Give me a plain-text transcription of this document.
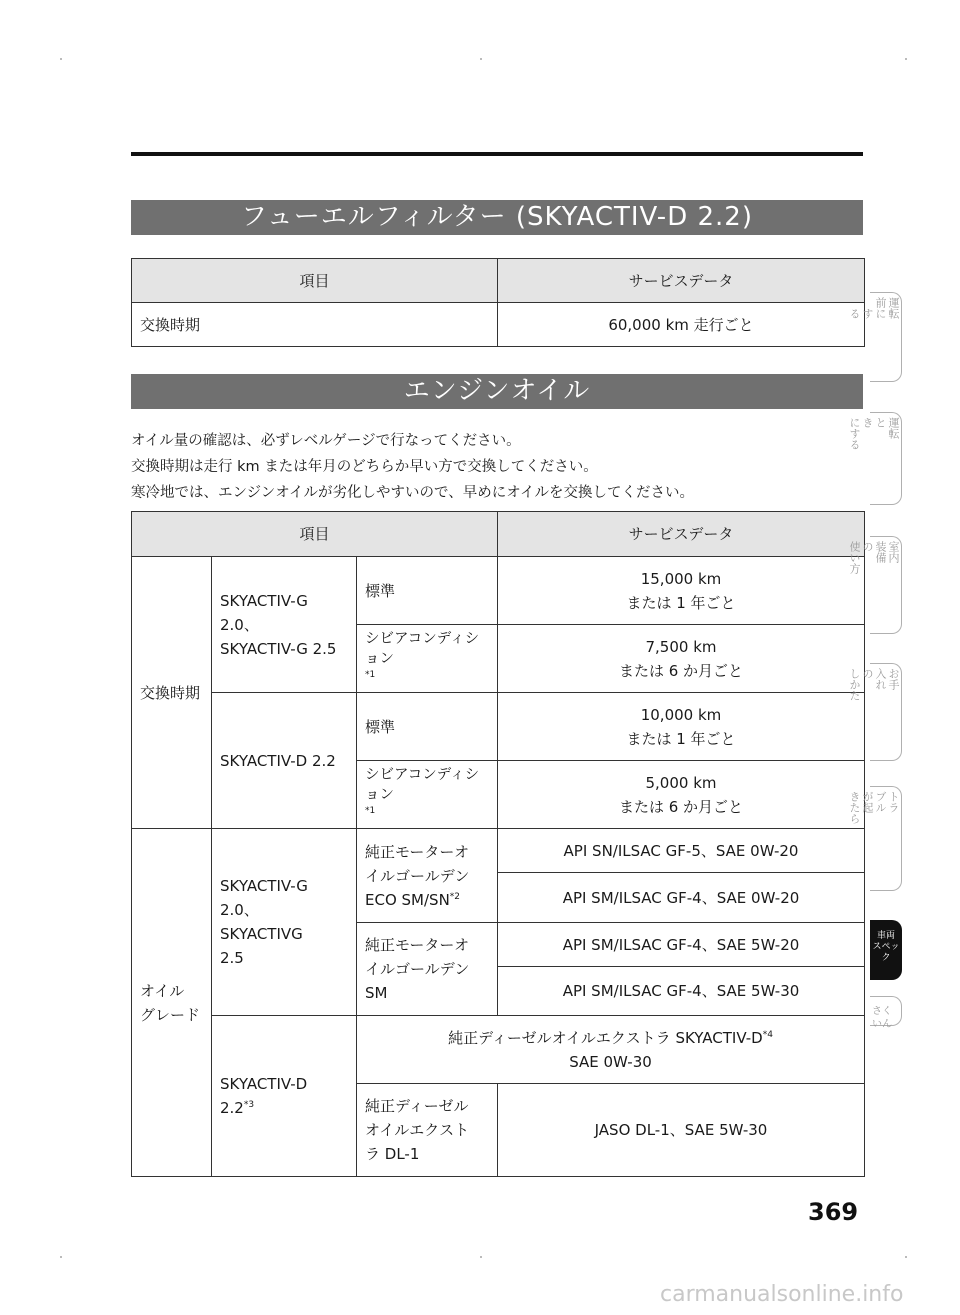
フューエルフィルター (SKYACTIV-D 2.2)
項目	サービスデータ
交換時期	60,000 km 走行ごと
エンジンオイル

オイル量の確認は、必ずレベルゲージで行なってください。

交換時期は走行 km または年月のどちらか早い方で交換してください。

寒冷地では、エンジンオイルが劣化しやすいので、早めにオイルを交換してください。

項目			サービスデータ
交換時期	SKYACTIV-G 2.0、
SKYACTIV-G 2.5	標準	15,000 km
または 1 年ごと
		シビアコンディション
$^{*1}$	7,500 km
または 6 か月ごと
	SKYACTIV-D 2.2	標準	10,000 km
または 1 年ごと
		シビアコンディション
$^{*1}$	5,000 km
または 6 か月ごと
オイル
グレード	SKYACTIV-G
2.0、
SKYACTIVG
2.5	純正モーターオ
イルゴールデン
ECO SM/SN$^{*2}$	API SN/ILSAC GF-5、SAE 0W-20
			API SM/ILSAC GF-4、SAE 0W-20
		純正モーターオ
イルゴールデン
SM	API SM/ILSAC GF-4、SAE 5W-20
			API SM/ILSAC GF-4、SAE 5W-30
	SKYACTIV-D
2.2$^{*3}$	純正ディーゼルオイルエクストラ SKYACTIV-$D^{*4}$
SAE 0W-30	
		純正ディーゼル
オイルエクスト
ラ DL-1	JASO DL-1、SAE 5W-30
運転
前に
　す
　る
運転
と
き
にする
室内
装備
の
使い方
お手
入れ
の
しかた
トラ
ブル
が起
きたら
車両
スペック
さくいん
369
carmanualsonline.info
